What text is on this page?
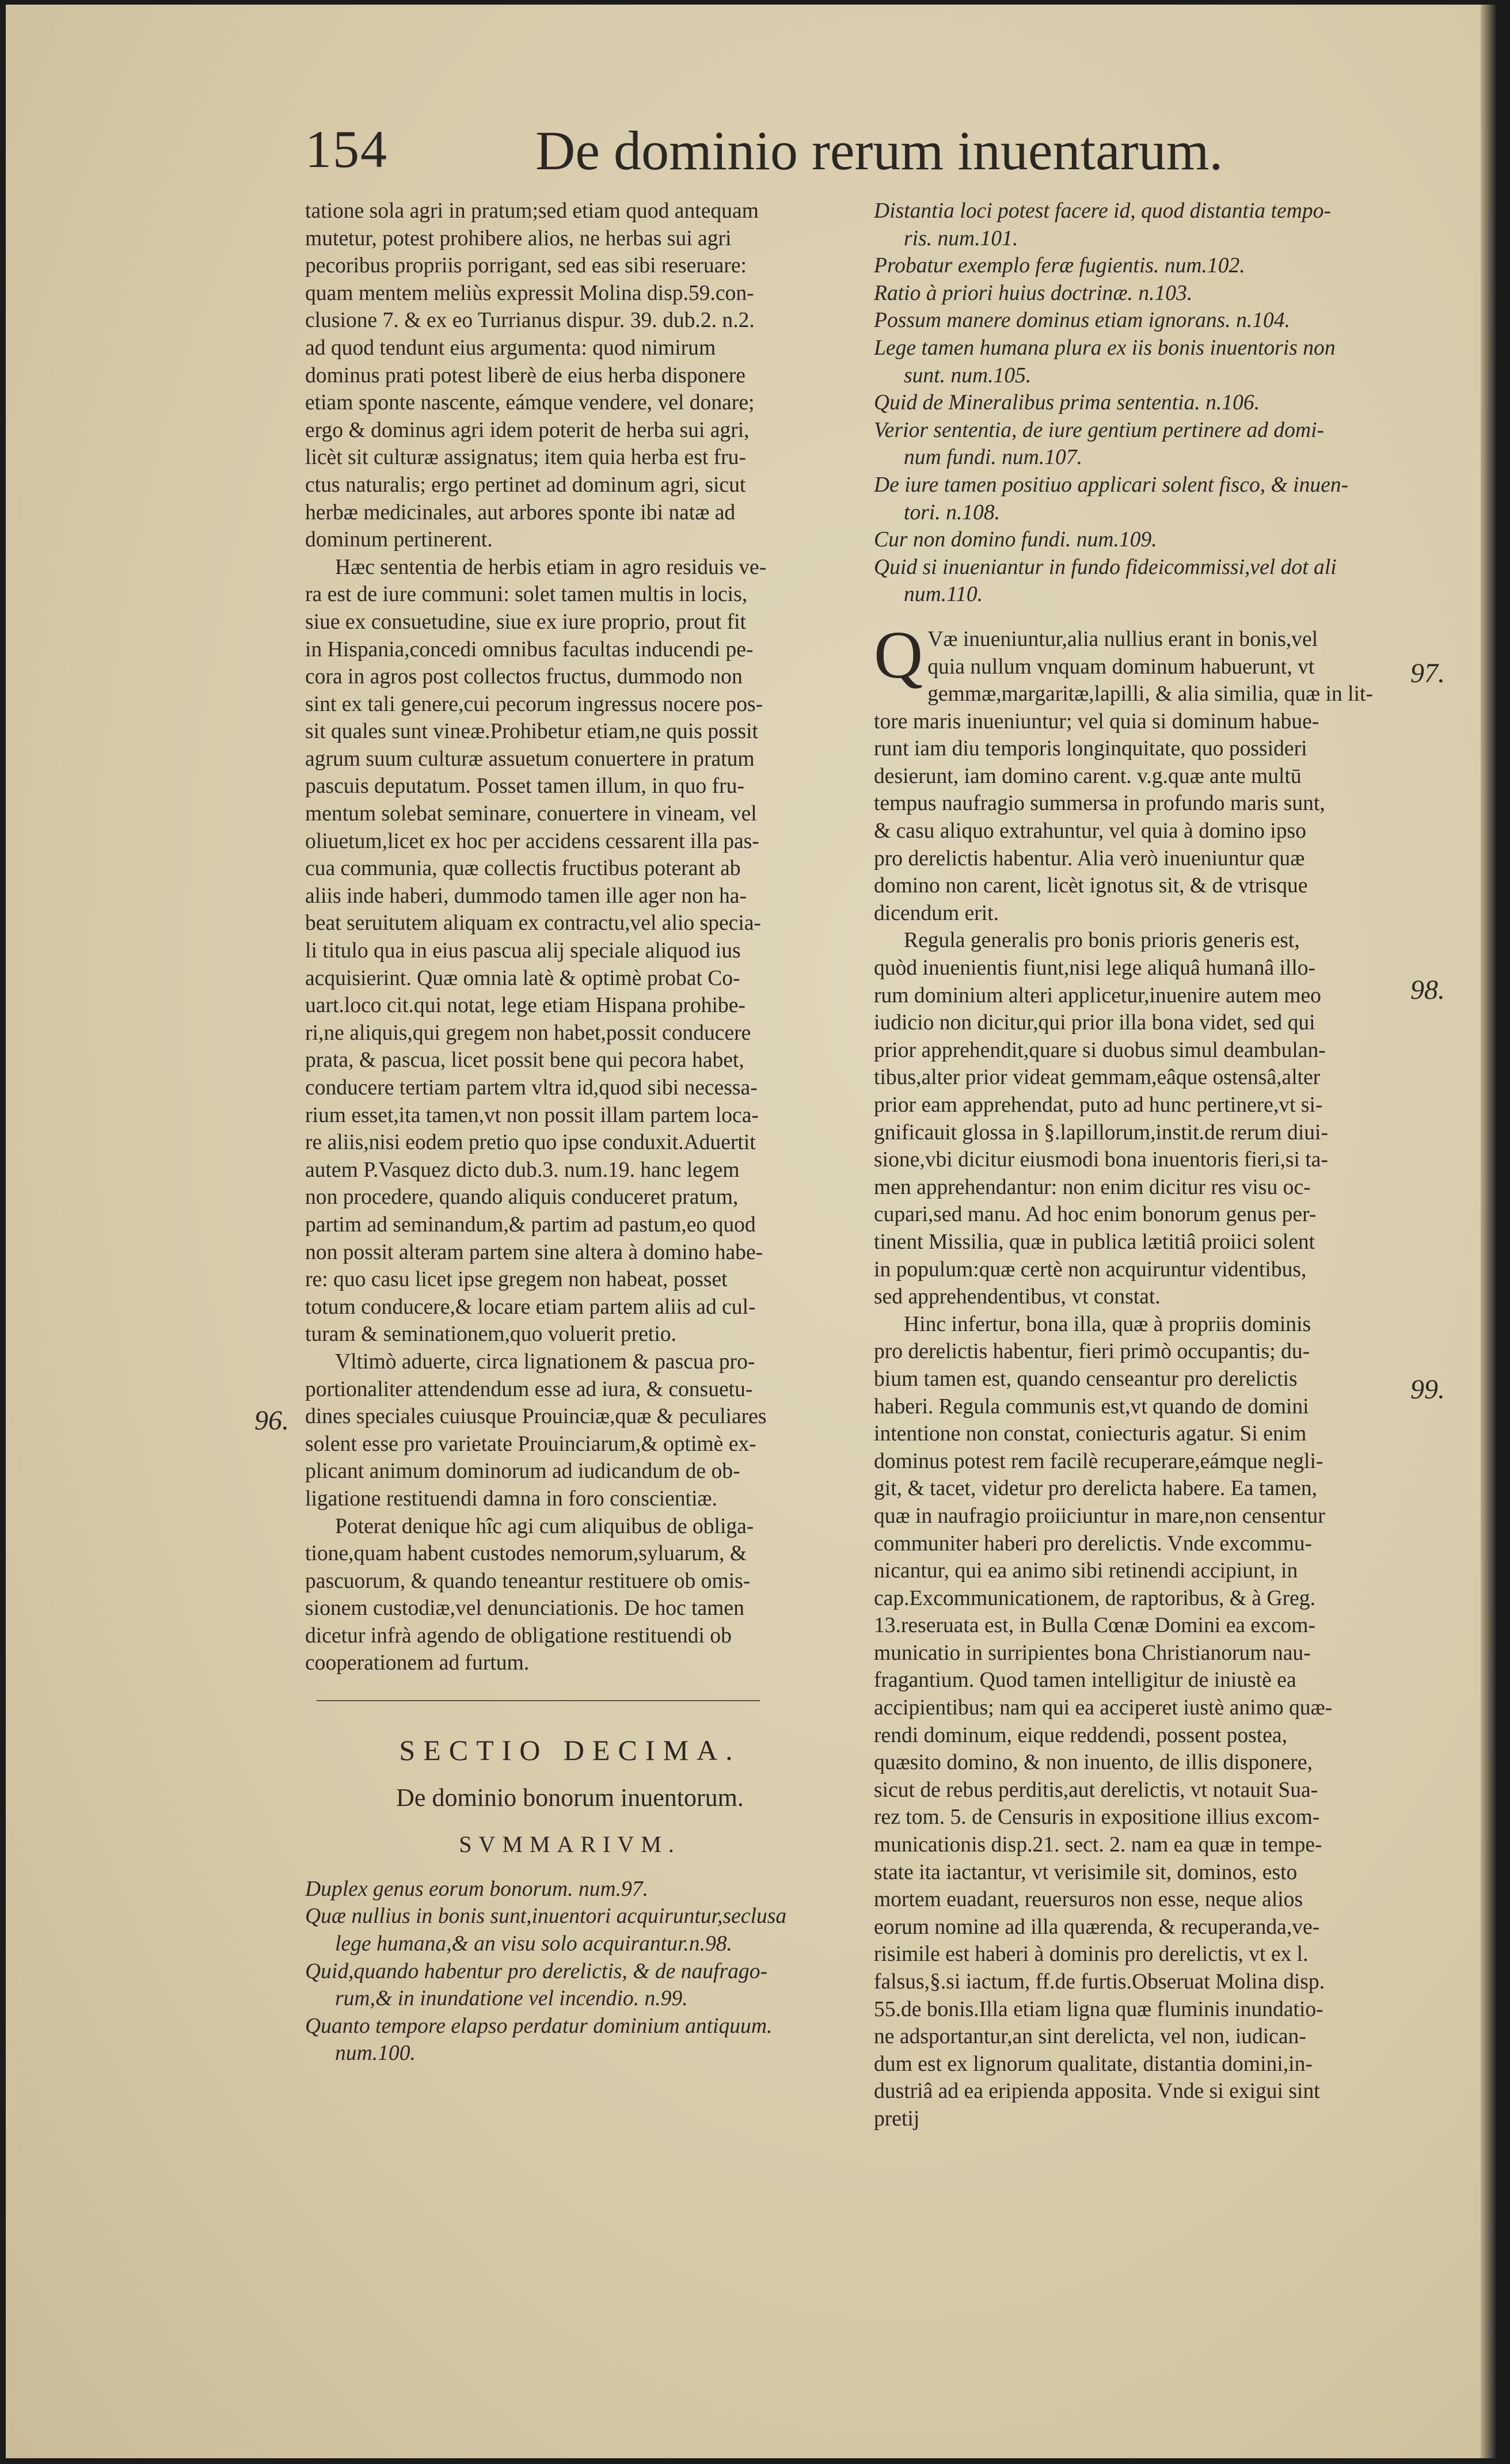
154	De dominio rerum inuentarum.
96.
97.
98.
99.
tatione sola agri in pratum;sed etiam quod antequam
mutetur, potest prohibere alios, ne herbas sui agri
pecoribus propriis porrigant, sed eas sibi reseruare:
quam mentem meliùs expressit Molina disp.59.con-
clusione 7. & ex eo Turrianus dispur. 39. dub.2. n.2.
ad quod tendunt eius argumenta: quod nimirum
dominus prati potest liberè de eius herba disponere
etiam sponte nascente, eámque vendere, vel donare;
ergo & dominus agri idem poterit de herba sui agri,
licèt sit culturæ assignatus; item quia herba est fru-
ctus naturalis; ergo pertinet ad dominum agri, sicut
herbæ medicinales, aut arbores sponte ibi natæ ad
dominum pertinerent.
Hæc sententia de herbis etiam in agro residuis ve-
ra est de iure communi: solet tamen multis in locis,
siue ex consuetudine, siue ex iure proprio, prout fit
in Hispania,concedi omnibus facultas inducendi pe-
cora in agros post collectos fructus, dummodo non
sint ex tali genere,cui pecorum ingressus nocere pos-
sit quales sunt vineæ.Prohibetur etiam,ne quis possit
agrum suum culturæ assuetum conuertere in pratum
pascuis deputatum. Posset tamen illum, in quo fru-
mentum solebat seminare, conuertere in vineam, vel
oliuetum,licet ex hoc per accidens cessarent illa pas-
cua communia, quæ collectis fructibus poterant ab
aliis inde haberi, dummodo tamen ille ager non ha-
beat seruitutem aliquam ex contractu,vel alio specia-
li titulo qua in eius pascua alij speciale aliquod ius
acquisierint. Quæ omnia latè & optimè probat Co-
uart.loco cit.qui notat, lege etiam Hispana prohibe-
ri,ne aliquis,qui gregem non habet,possit conducere
prata, & pascua, licet possit bene qui pecora habet,
conducere tertiam partem vltra id,quod sibi necessa-
rium esset,ita tamen,vt non possit illam partem loca-
re aliis,nisi eodem pretio quo ipse conduxit.Aduertit
autem P.Vasquez dicto dub.3. num.19. hanc legem
non procedere, quando aliquis conduceret pratum,
partim ad seminandum,& partim ad pastum,eo quod
non possit alteram partem sine altera à domino habe-
re: quo casu licet ipse gregem non habeat, posset
totum conducere,& locare etiam partem aliis ad cul-
turam & seminationem,quo voluerit pretio.
Vltimò aduerte, circa lignationem & pascua pro-
portionaliter attendendum esse ad iura, & consuetu-
dines speciales cuiusque Prouinciæ,quæ & peculiares
solent esse pro varietate Prouinciarum,& optimè ex-
plicant animum dominorum ad iudicandum de ob-
ligatione restituendi damna in foro conscientiæ.
Poterat denique hîc agi cum aliquibus de obliga-
tione,quam habent custodes nemorum,syluarum, &
pascuorum, & quando teneantur restituere ob omis-
sionem custodiæ,vel denunciationis. De hoc tamen
dicetur infrà agendo de obligatione restituendi ob
cooperationem ad furtum.
SECTIO DECIMA.
De dominio bonorum inuentorum.
SVMMARIVM.
Duplex genus eorum bonorum. num.97.
Quæ nullius in bonis sunt,inuentori acquiruntur,seclusa
lege humana,& an visu solo acquirantur.n.98.
Quid,quando habentur pro derelictis, & de naufrago-
rum,& in inundatione vel incendio. n.99.
Quanto tempore elapso perdatur dominium antiquum.
num.100.
Distantia loci potest facere id, quod distantia tempo-
ris. num.101.
Probatur exemplo feræ fugientis. num.102.
Ratio à priori huius doctrinæ. n.103.
Possum manere dominus etiam ignorans. n.104.
Lege tamen humana plura ex iis bonis inuentoris non
sunt. num.105.
Quid de Mineralibus prima sententia. n.106.
Verior sententia, de iure gentium pertinere ad domi-
num fundi. num.107.
De iure tamen positiuo applicari solent fisco, & inuen-
tori. n.108.
Cur non domino fundi. num.109.
Quid si inueniantur in fundo fideicommissi,vel dot ali
num.110.
Q Væ inueniuntur,alia nullius erant in bonis,vel
quia nullum vnquam dominum habuerunt, vt
gemmæ,margaritæ,lapilli, & alia similia, quæ in lit-
tore maris inueniuntur; vel quia si dominum habue-
runt iam diu temporis longinquitate, quo possideri
desierunt, iam domino carent. v.g.quæ ante multū
tempus naufragio summersa in profundo maris sunt,
& casu aliquo extrahuntur, vel quia à domino ipso
pro derelictis habentur. Alia verò inueniuntur quæ
domino non carent, licèt ignotus sit, & de vtrisque
dicendum erit.
Regula generalis pro bonis prioris generis est,
quòd inuenientis fiunt,nisi lege aliquâ humanâ illo-
rum dominium alteri applicetur,inuenire autem meo
iudicio non dicitur,qui prior illa bona videt, sed qui
prior apprehendit,quare si duobus simul deambulan-
tibus,alter prior videat gemmam,eâque ostensâ,alter
prior eam apprehendat, puto ad hunc pertinere,vt si-
gnificauit glossa in §.lapillorum,instit.de rerum diui-
sione,vbi dicitur eiusmodi bona inuentoris fieri,si ta-
men apprehendantur: non enim dicitur res visu oc-
cupari,sed manu. Ad hoc enim bonorum genus per-
tinent Missilia, quæ in publica lætitiâ proiici solent
in populum:quæ certè non acquiruntur videntibus,
sed apprehendentibus, vt constat.
Hinc infertur, bona illa, quæ à propriis dominis
pro derelictis habentur, fieri primò occupantis; du-
bium tamen est, quando censeantur pro derelictis
haberi. Regula communis est,vt quando de domini
intentione non constat, coniecturis agatur. Si enim
dominus potest rem facilè recuperare,eámque negli-
git, & tacet, videtur pro derelicta habere. Ea tamen,
quæ in naufragio proiiciuntur in mare,non censentur
communiter haberi pro derelictis. Vnde excommu-
nicantur, qui ea animo sibi retinendi accipiunt, in
cap.Excommunicationem, de raptoribus, & à Greg.
13.reseruata est, in Bulla Cœnæ Domini ea excom-
municatio in surripientes bona Christianorum nau-
fragantium. Quod tamen intelligitur de iniustè ea
accipientibus; nam qui ea acciperet iustè animo quæ-
rendi dominum, eique reddendi, possent postea,
quæsito domino, & non inuento, de illis disponere,
sicut de rebus perditis,aut derelictis, vt notauit Sua-
rez tom. 5. de Censuris in expositione illius excom-
municationis disp.21. sect. 2. nam ea quæ in tempe-
state ita iactantur, vt verisimile sit, dominos, esto
mortem euadant, reuersuros non esse, neque alios
eorum nomine ad illa quærenda, & recuperanda,ve-
risimile est haberi à dominis pro derelictis, vt ex l.
falsus,§.si iactum, ff.de furtis.Obseruat Molina disp.
55.de bonis.Illa etiam ligna quæ fluminis inundatio-
ne adsportantur,an sint derelicta, vel non, iudican-
dum est ex lignorum qualitate, distantia domini,in-
dustriâ ad ea eripienda apposita. Vnde si exigui sint
pretij
